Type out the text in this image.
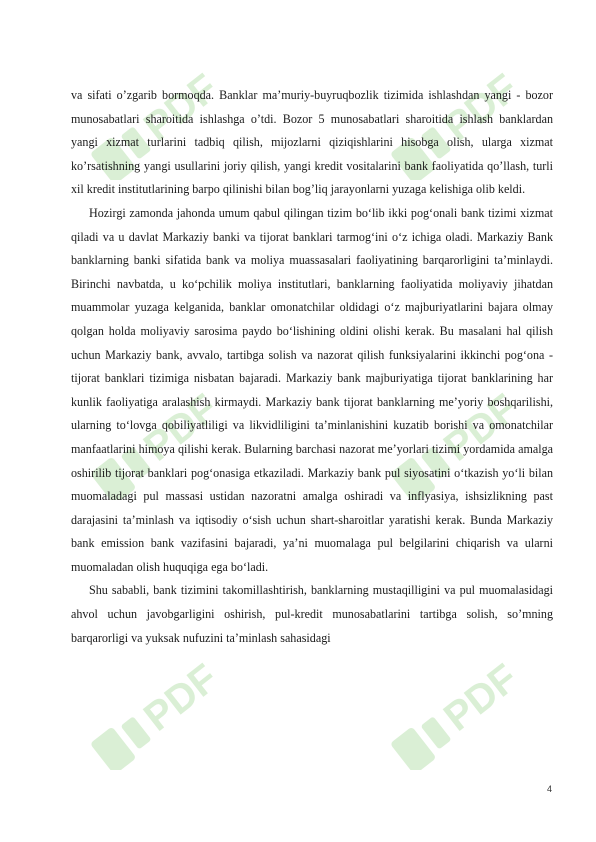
PDF	PDF
PDF	PDF
PDF	PDF

va sifati o’zgarib bormoqda. Banklar ma’muriy-buyruqbozlik tizimida ishlashdan yangi - bozor munosabatlari sharoitida ishlashga o’tdi. Bozor 5 munosabatlari sharoitida ishlash banklardan yangi xizmat turlarini tadbiq qilish, mijozlarni qiziqishlarini hisobga olish, ularga xizmat ko’rsatishning yangi usullarini joriy qilish, yangi kredit vositalarini bank faoliyatida qo’llash, turli xil kredit institutlarining barpo qilinishi bilan bog’liq jarayonlarni yuzaga kelishiga olib keldi.

Hozirgi zamonda jahonda umum qabul qilingan tizim bo‘lib ikki pog‘onali bank tizimi xizmat qiladi va u davlat Markaziy banki va tijorat banklari tarmog‘ini o‘z ichiga oladi. Markaziy Bank banklarning banki sifatida bank va moliya muassasalari faoliyatining barqarorligini ta’minlaydi. Birinchi navbatda, u ko‘pchilik moliya institutlari, banklarning faoliyatida moliyaviy jihatdan muammolar yuzaga kelganida, banklar omonatchilar oldidagi o‘z majburiyatlarini bajara olmay qolgan holda moliyaviy sarosima paydo bo‘lishining oldini olishi kerak. Bu masalani hal qilish uchun Markaziy bank, avvalo, tartibga solish va nazorat qilish funksiyalarini ikkinchi pog‘ona - tijorat banklari tizimiga nisbatan bajaradi. Markaziy bank majburiyatiga tijorat banklarining har kunlik faoliyatiga aralashish kirmaydi. Markaziy bank tijorat banklarning me’yoriy boshqarilishi, ularning to‘lovga qobiliyatliligi va likvidliligini ta’minlanishini kuzatib borishi va omonatchilar manfaatlarini himoya qilishi kerak. Bularning barchasi nazorat me’yorlari tizimi yordamida amalga oshirilib tijorat banklari pog‘onasiga etkaziladi. Markaziy bank pul siyosatini o‘tkazish yo‘li bilan muomaladagi pul massasi ustidan nazoratni amalga oshiradi va inflyasiya, ishsizlikning past darajasini ta’minlash va iqtisodiy o‘sish uchun shart-sharoitlar yaratishi kerak. Bunda Markaziy bank emission bank vazifasini bajaradi, ya’ni muomalaga pul belgilarini chiqarish va ularni muomaladan olish huquqiga ega bo‘ladi.

Shu sababli, bank tizimini takomillashtirish, banklarning mustaqilligini va pul muomalasidagi ahvol uchun javobgarligini oshirish, pul-kredit munosabatlarini tartibga solish, so’mning barqarorligi va yuksak nufuzini ta’minlash sahasidagi

4
